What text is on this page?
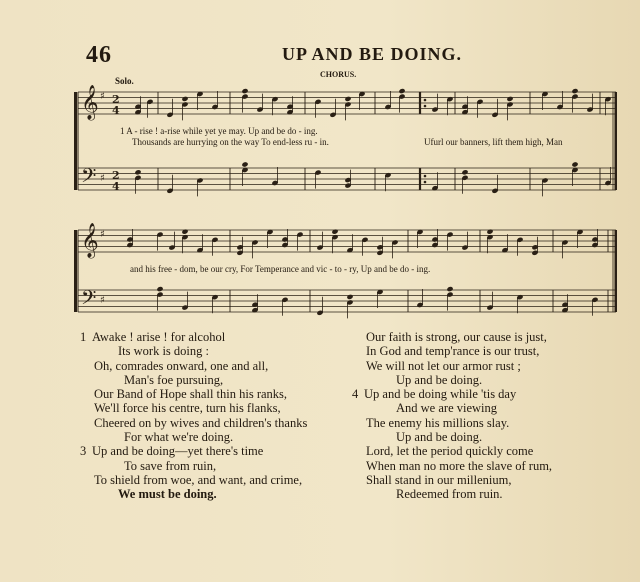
46	UP AND BE DOING.
Solo.
CHORUS.
𝄞
𝄢
♯
♯
2
4
2
4
𝄞
𝄢
♯
♯
1 A - rise ! a-rise while yet ye may. Up and be do - ing.
Thousands are hurrying on the way To end-less ru - in.	Ufurl our banners, lift them high, Man
and his free - dom, be our cry, For Temperance and vic - to - ry, Up and be do - ing.
1 Awake ! arise ! for alcohol
Its work is doing :
Oh, comrades onward, one and all,
Man's foe pursuing,
Our Band of Hope shall thin his ranks,
We'll force his centre, turn his flanks,
Cheered on by wives and children's thanks
For what we're doing.
3 Up and be doing—yet there's time
To save from ruin,
To shield from woe, and want, and crime,
We must be doing.
Our faith is strong, our cause is just,
In God and temp'rance is our trust,
We will not let our armor rust ;
Up and be doing.
4 Up and be doing while 'tis day
And we are viewing
The enemy his millions slay.
Up and be doing.
Lord, let the period quickly come
When man no more the slave of rum,
Shall stand in our millenium,
Redeemed from ruin.
